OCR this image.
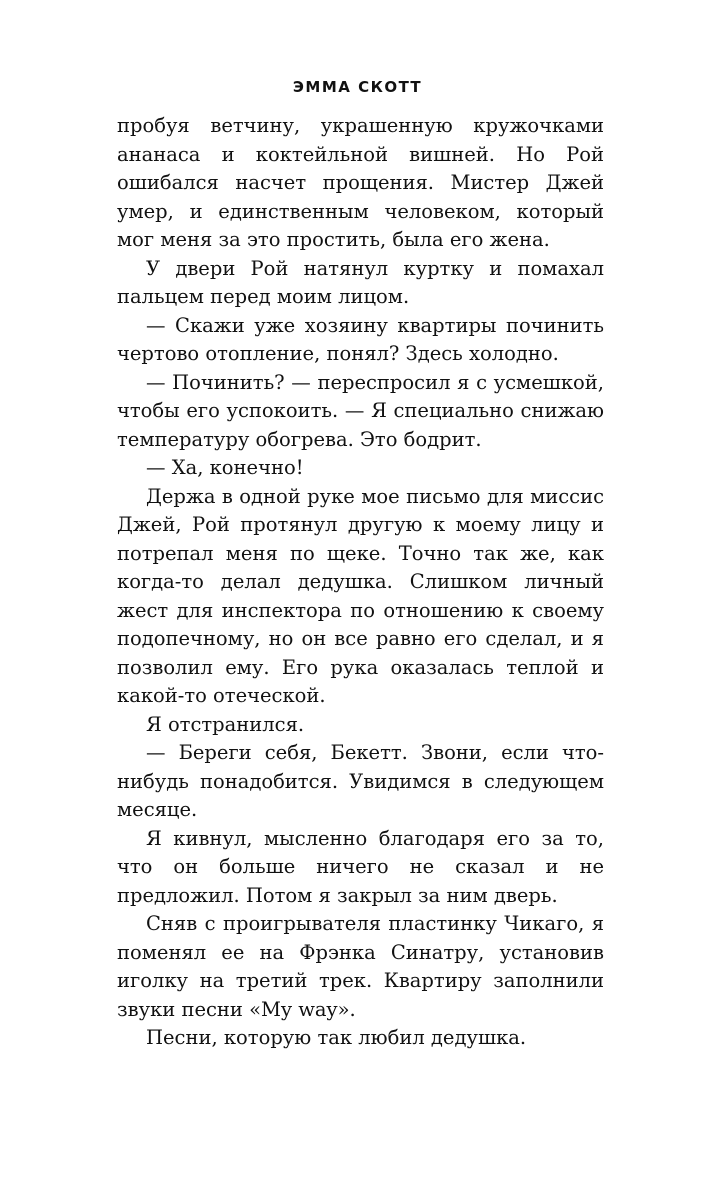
ЭММА СКОТТ

пробуя ветчину, украшенную кружочками ананаса и коктейльной вишней. Но Рой ошибался насчет прощения. Мистер Джей умер, и единственным человеком, который мог меня за это простить, была его жена.

У двери Рой натянул куртку и помахал пальцем перед моим лицом.

— Скажи уже хозяину квартиры починить чертово отопление, понял? Здесь холодно.

— Починить? — переспросил я с усмешкой, чтобы его успокоить. — Я специально снижаю температуру обогрева. Это бодрит.

— Ха, конечно!

Держа в одной руке мое письмо для миссис Джей, Рой протянул другую к моему лицу и потрепал меня по щеке. Точно так же, как когда-то делал дедушка. Слишком личный жест для инспектора по отношению к своему подопечному, но он все равно его сделал, и я позволил ему. Его рука оказалась теплой и какой-то отеческой.

Я отстранился.

— Береги себя, Бекетт. Звони, если что-нибудь понадобится. Увидимся в следующем месяце.

Я кивнул, мысленно благодаря его за то, что он больше ничего не сказал и не предложил. Потом я закрыл за ним дверь.

Сняв с проигрывателя пластинку Чикаго, я поменял ее на Фрэнка Синатру, установив иголку на третий трек. Квартиру заполнили звуки песни «My way».

Песни, которую так любил дедушка.
